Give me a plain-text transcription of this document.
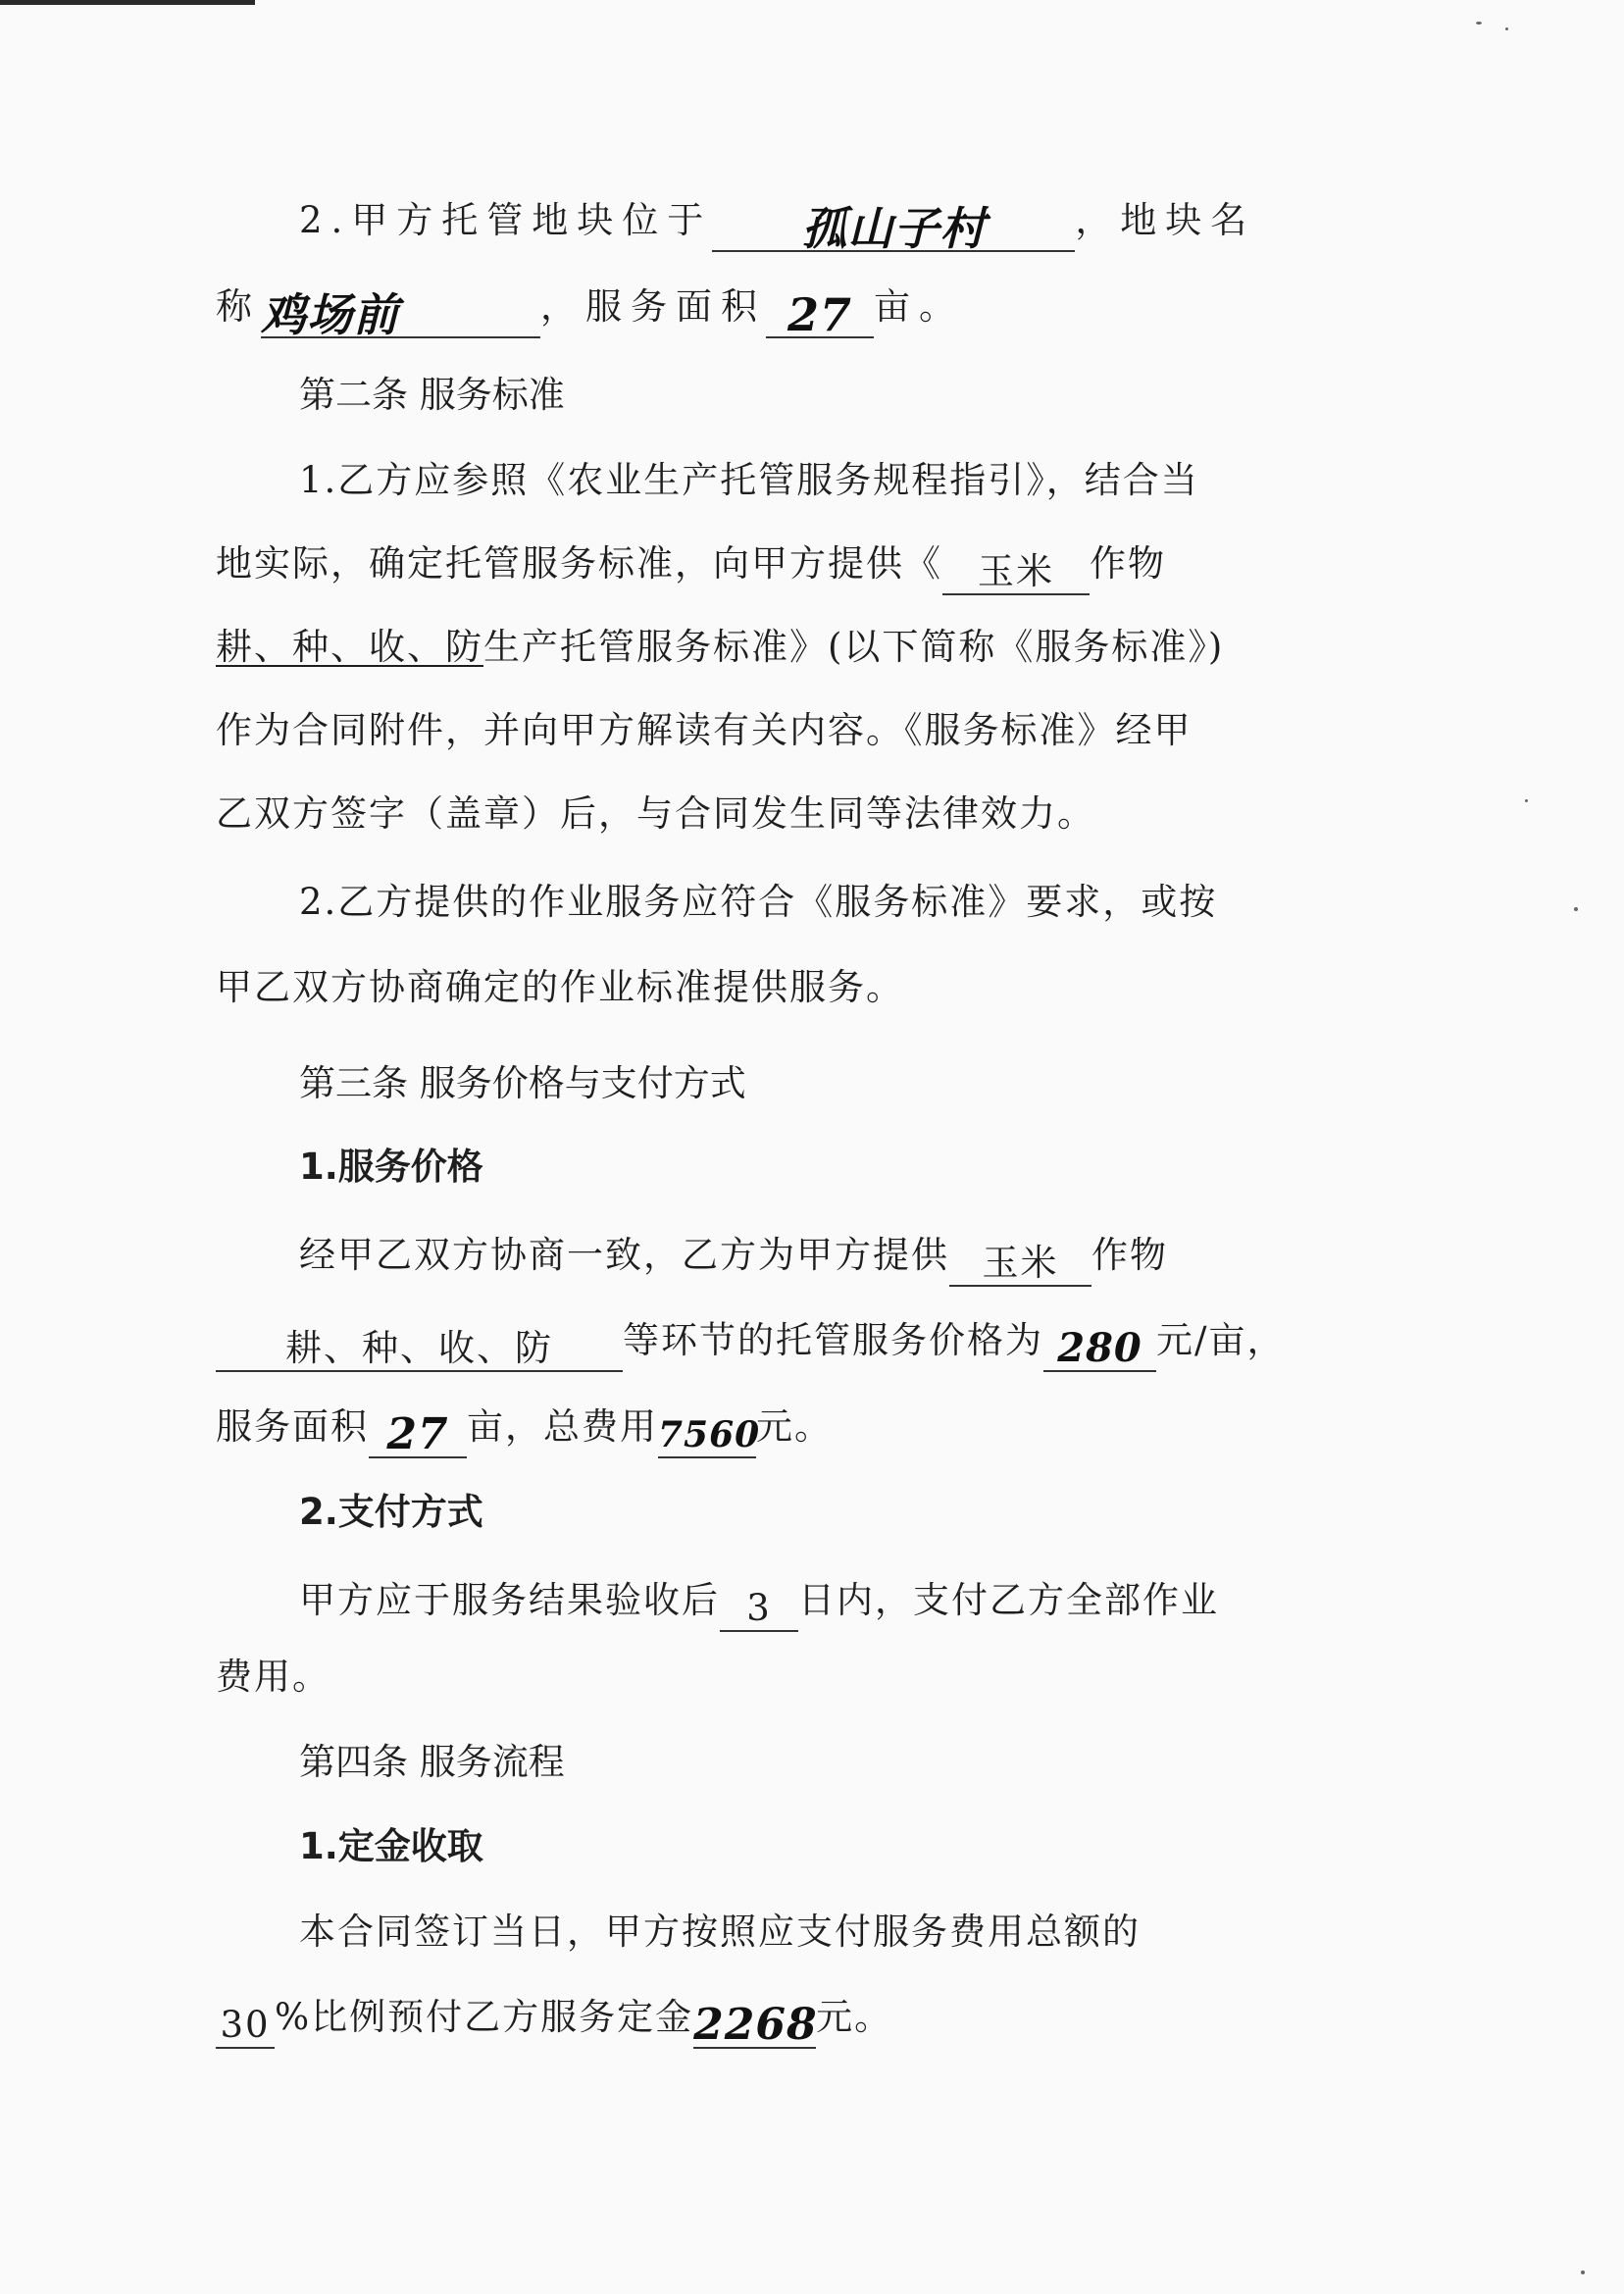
2.甲方托管地块位于 孤山子村 ，地块名
称鸡场前	，服务面积 27 亩。
第二条 服务标准
1.乙方应参照《农业生产托管服务规程指引》，结合当
地实际，确定托管服务标准，向甲方提供《 玉米 作物
耕、种、收、防生产托管服务标准》(以下简称《服务标准》)
作为合同附件，并向甲方解读有关内容。《服务标准》经甲
乙双方签字（盖章）后，与合同发生同等法律效力。
2.乙方提供的作业服务应符合《服务标准》要求，或按
甲乙双方协商确定的作业标准提供服务。
第三条 服务价格与支付方式
1.服务价格
经甲乙双方协商一致，乙方为甲方提供 玉米 作物
耕、种、收、防 等环节的托管服务价格为 280 元/亩，
服务面积 27 亩，总费用7560元。
2.支付方式
甲方应于服务结果验收后 3 日内，支付乙方全部作业
费用。
第四条 服务流程
1.定金收取
本合同签订当日，甲方按照应支付服务费用总额的
30 %比例预付乙方服务定金2268元。
